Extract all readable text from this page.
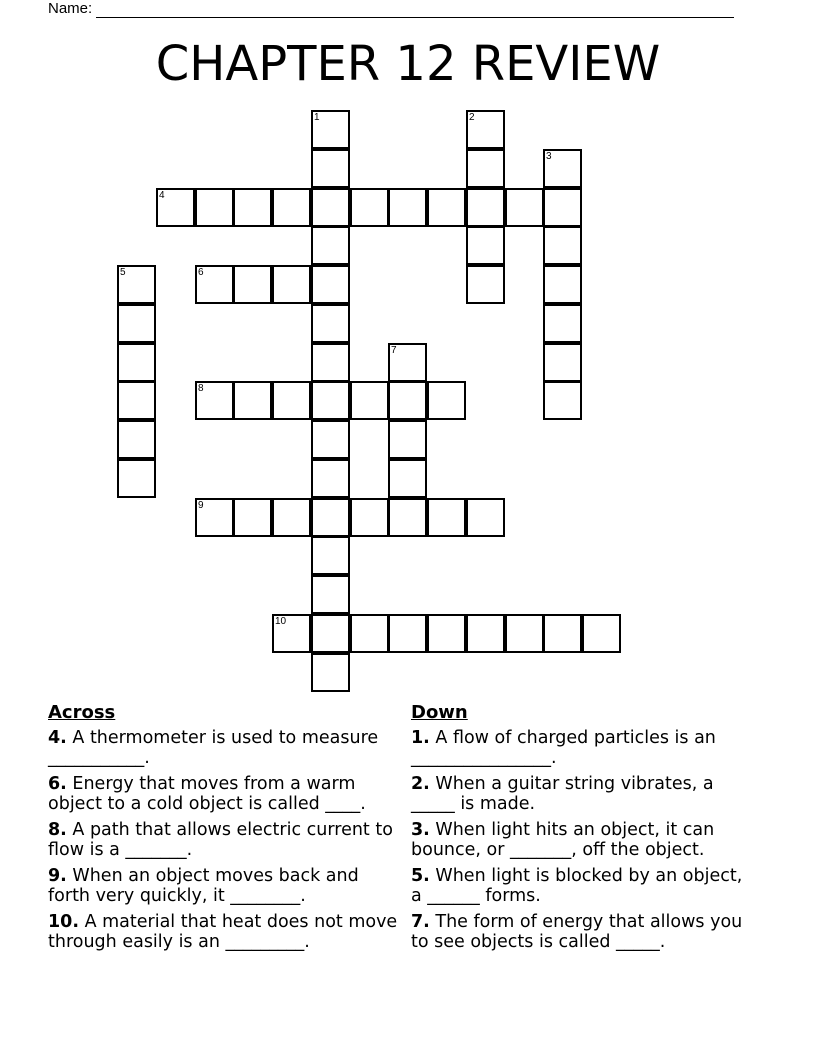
Name:
CHAPTER 12 REVIEW
1	2
3
4
5	6
7
8
9
10
Across
4. A thermometer is used to measure ___________.
6. Energy that moves from a warm object to a cold object is called ____.
8. A path that allows electric current to flow is a _______.
9. When an object moves back and forth very quickly, it ________.
10. A material that heat does not move through easily is an _________.
Down
1. A flow of charged particles is an ________________.
2. When a guitar string vibrates, a _____ is made.
3. When light hits an object, it can bounce, or _______, off the object.
5. When light is blocked by an object, a ______ forms.
7. The form of energy that allows you to see objects is called _____.
